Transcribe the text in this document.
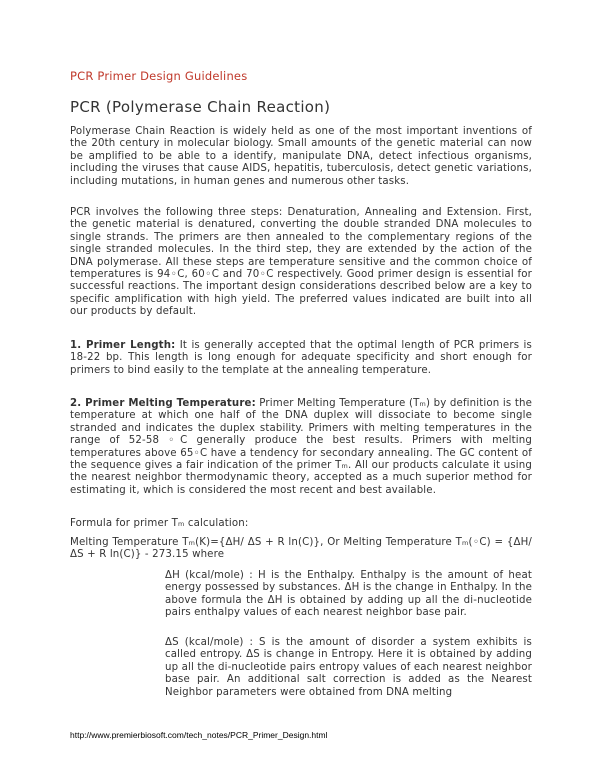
PCR Primer Design Guidelines
PCR (Polymerase Chain Reaction)
Polymerase Chain Reaction is widely held as one of the most important inventions of the 20th century in molecular biology. Small amounts of the genetic material can now be amplified to be able to a identify, manipulate DNA, detect infectious organisms, including the viruses that cause AIDS, hepatitis, tuberculosis, detect genetic variations, including mutations, in human genes and numerous other tasks.
PCR involves the following three steps: Denaturation, Annealing and Extension. First, the genetic material is denatured, converting the double stranded DNA molecules to single strands. The primers are then annealed to the complementary regions of the single stranded molecules. In the third step, they are extended by the action of the DNA polymerase. All these steps are temperature sensitive and the common choice of temperatures is 94◦C, 60◦C and 70◦C respectively. Good primer design is essential for successful reactions. The important design considerations described below are a key to specific amplification with high yield. The preferred values indicated are built into all our products by default.
1. Primer Length: It is generally accepted that the optimal length of PCR primers is 18-22 bp. This length is long enough for adequate specificity and short enough for primers to bind easily to the template at the annealing temperature.
2. Primer Melting Temperature: Primer Melting Temperature (Tₘ) by definition is the temperature at which one half of the DNA duplex will dissociate to become single stranded and indicates the duplex stability. Primers with melting temperatures in the range of 52-58 ◦C generally produce the best results. Primers with melting temperatures above 65◦C have a tendency for secondary annealing. The GC content of the sequence gives a fair indication of the primer Tₘ. All our products calculate it using the nearest neighbor thermodynamic theory, accepted as a much superior method for estimating it, which is considered the most recent and best available.
Formula for primer Tₘ calculation:
Melting Temperature Tₘ(K)={ΔH/ ΔS + R ln(C)}, Or Melting Temperature Tₘ(◦C) = {ΔH/ ΔS + R ln(C)} - 273.15 where
ΔH (kcal/mole) : H is the Enthalpy. Enthalpy is the amount of heat energy possessed by substances. ΔH is the change in Enthalpy. In the above formula the ΔH is obtained by adding up all the di-nucleotide pairs enthalpy values of each nearest neighbor base pair.
ΔS (kcal/mole) : S is the amount of disorder a system exhibits is called entropy. ΔS is change in Entropy. Here it is obtained by adding up all the di-nucleotide pairs entropy values of each nearest neighbor base pair. An additional salt correction is added as the Nearest Neighbor parameters were obtained from DNA melting
http://www.premierbiosoft.com/tech_notes/PCR_Primer_Design.html
